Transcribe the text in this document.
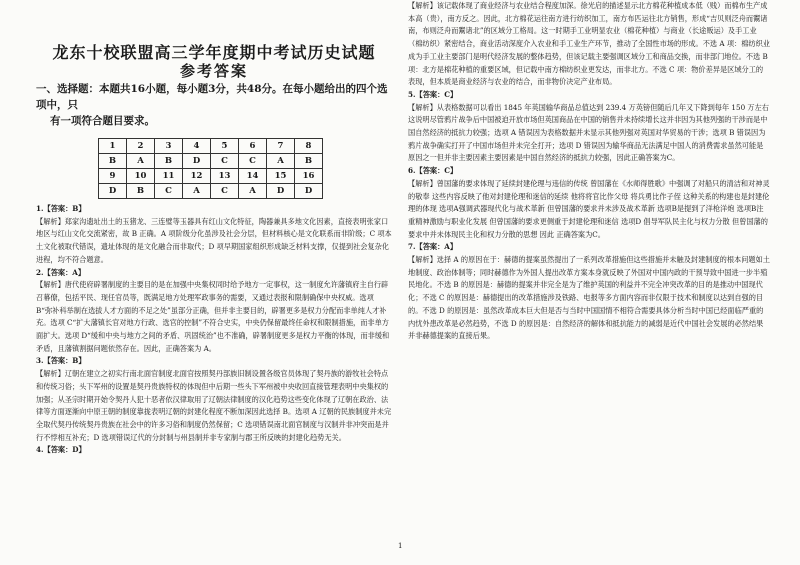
龙东十校联盟高三学年度期中考试历史试题
参考答案
一、选择题：本题共16小题，每小题3分，共48分。在每小题给出的四个选项中，只
有一项符合题目要求。
1	2	3	4	5	6	7	8
B	A	B	D	C	C	A	B
9	10	11	12	13	14	15	16
D	B	C	A	C	A	D	D

1.【答案：B】

【解析】郑家沟遗址出土的玉猪龙、三连璧等玉器具有红山文化特征，陶器兼具多地文化因素，直接表明张家口地区与红山文化交流紧密，故 B 正确。A 项阶级分化虽涉及社会分层，但材料核心是文化联系而非阶级；C 项本土文化被取代错误，遗址体现的是文化融合而非取代；D 项早期国家组织形成缺乏材料支撑，仅提到社会复杂化进程，均不符合题意。

2.【答案：A】

【解析】唐代使府辟署制度的主要目的是在加强中央集权同时给予地方一定事权，这一制度允许藩镇府主自行辟召幕僚，包括平民、现任官员等，既满足地方处理军政事务的需要，又通过表报和限制确保中央权威。选项 B“弥补科举制在选拔人才方面的不足之处”虽部分正确，但并非主要目的，辟署更多是权力分配而非单纯人才补充。选项 C“扩大藩镇长官对地方行政、选官的控制”不符合史实，中央仍保留最终任命权和限制措施，而非单方面扩大。选项 D“缓和中央与地方之间的矛盾、巩固统治”也不准确，辟署制度更多是权力平衡的体现，而非缓和矛盾，且藩镇割据问题依然存在。因此，正确答案为 A。

3.【答案：B】

【解析】辽朝在建立之初实行南北面官制度北面官按照契丹部族旧制设置各级官员体现了契丹族的游牧社会特点和传统习俗；头下军州的设置是契丹贵族特权的体现但中后期一些头下军州被中央收回直接管理表明中央集权的加强；从圣宗时期开始令契丹人犯十恶者依汉律取用了辽朝法律制度的汉化趋势这些变化体现了辽朝在政治、法律等方面逐渐向中原王朝的制度靠拢表明辽朝的封建化程度不断加深因此选择 B。选项 A 辽朝的民族制度并未完全取代契丹传统契丹贵族在社会中的许多习俗和制度仍然保留；C 选项错误南北面官制度与汉制并非冲突而是并行不悖相互补充；D 选项错误辽代的分封制与州县制并非专家制与郡王所反映的封建化趋势无关。

4.【答案：D】

【解析】该记载体现了商业经济与农业结合程度加深。徐光启的描述显示北方棉花种植成本低（贱）而棉布生产成本高（贵），南方反之。因此，北方棉花运往南方进行纺织加工，南方布匹运往北方销售，形成“吉贝则泛舟而鬻诸南，布则泛舟而鬻诸北”的区域分工格局。这一时期手工业明显农业（棉花种植）与商业（长途贩运）及手工业（棉纺织）紧密结合，商业活动深度介入农业和手工业生产环节，推动了全国性市场的形成。不选 A 项：棉纺织业成为手工业主要部门是明代经济发展的整体趋势，但该记载主要强调区域分工和商品交换，而非部门地位。不选 B 项：北方是棉花种植的重要区域，但记载中南方棉纺织业更发达，而非北方。不选 C 项：物价差异是区域分工的表现，但本质是商业经济与农业的结合，而非物价决定产业布局。

5.【答案：C】

【解析】从表格数据可以看出 1845 年英国输华商品总值达到 239.4 万英镑但随后几年又下降到每年 150 万左右这说明尽管鸦片战争后中国被迫开放市场但英国商品在中国的销售并未持续增长这并非因为其他列强的干涉而是中国自然经济的抵抗力较强；选项 A 错误因为表格数据并未显示其他列强对英国对华贸易的干涉；选项 B 错误因为鸦片战争确实打开了中国市场但并未完全打开；选项 D 错误因为输华商品无法满足中国人的消费需求虽然可能是原因之一但并非主要因素主要因素是中国自然经济的抵抗力较强，因此正确答案为C。

6.【答案：C】

【解析】曾国藩的要求体现了延续封建伦理与违信的传统 曾国藩在《水师得胜歌》中强调了对船只的清洁和对神灵的敬奉 这些内容反映了他对封建伦理和迷信的延续 他将将官比作父母 将兵勇比作子侄 这种关系的构建也是封建伦理的体现 选项A强调武器现代化与战术革新 但曾国藩的要求并未涉及战术革新 选项B是提到了洋枪洋炮 选项B注重精神激励与职业化发展 但曾国藩的要求更侧重于封建伦理和迷信 选项D 倡导军队民主化与权力分散 但曾国藩的要求中并未体现民主化和权力分散的思想 因此 正确答案为C。

7.【答案：A】

【解析】选择 A 的原因在于：赫德的提案虽然提出了一系列改革措施但这些措施并未触及封建制度的根本问题如土地制度、政治体制等；同时赫德作为外国人提出改革方案本身就反映了外国对中国内政的干预导致中国进一步半殖民地化。不选 B 的原因是：赫德的提案并非完全是为了维护英国的利益并不完全冲突改革的目的是推动中国现代化；不选 C 的原因是：赫德提出的改革措施涉及铁路、电报等多方面内容而非仅限于技术和制度以达到自强的目的。不选 D 的原因是：虽然改革成本巨大但是否与当时中国国情不相符合需要具体分析当时中国已经面临严重的内忧外患改革是必然趋势，不选 D 的原因是：自然经济的解体和抵抗能力的减弱是近代中国社会发展的必然结果并非赫德提案的直接后果。

1
